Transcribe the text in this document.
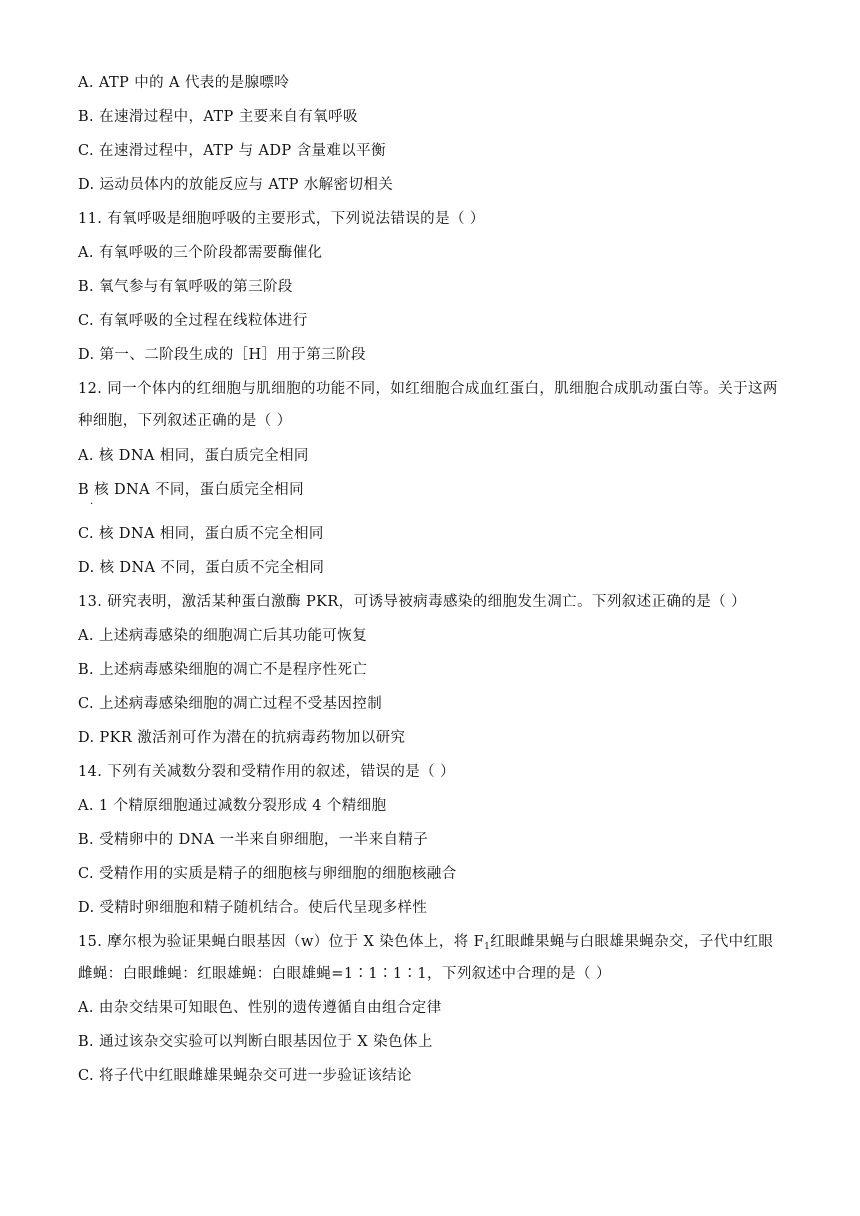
A. ATP 中的 A 代表的是腺嘌呤
B. 在速滑过程中，ATP 主要来自有氧呼吸
C. 在速滑过程中，ATP 与 ADP 含量难以平衡
D. 运动员体内的放能反应与 ATP 水解密切相关
11. 有氧呼吸是细胞呼吸的主要形式，下列说法错误的是（ ）
A. 有氧呼吸的三个阶段都需要酶催化
B. 氧气参与有氧呼吸的第三阶段
C. 有氧呼吸的全过程在线粒体进行
D. 第一、二阶段生成的［H］用于第三阶段
12. 同一个体内的红细胞与肌细胞的功能不同，如红细胞合成血红蛋白，肌细胞合成肌动蛋白等。关于这两
种细胞，下列叙述正确的是（ ）
A. 核 DNA 相同，蛋白质完全相同
B 核 DNA 不同，蛋白质完全相同
·
C. 核 DNA 相同，蛋白质不完全相同
D. 核 DNA 不同，蛋白质不完全相同
13. 研究表明，激活某种蛋白激酶 PKR，可诱导被病毒感染的细胞发生凋亡。下列叙述正确的是（ ）
A. 上述病毒感染的细胞凋亡后其功能可恢复
B. 上述病毒感染细胞的凋亡不是程序性死亡
C. 上述病毒感染细胞的凋亡过程不受基因控制
D. PKR 激活剂可作为潜在的抗病毒药物加以研究
14. 下列有关减数分裂和受精作用的叙述，错误的是（ ）
A. 1 个精原细胞通过减数分裂形成 4 个精细胞
B. 受精卵中的 DNA 一半来自卵细胞，一半来自精子
C. 受精作用的实质是精子的细胞核与卵细胞的细胞核融合
D. 受精时卵细胞和精子随机结合。使后代呈现多样性
15. 摩尔根为验证果蝇白眼基因（w）位于 X 染色体上，将 $F_1$红眼雌果蝇与白眼雄果蝇杂交，子代中红眼
雌蝇：白眼雌蝇：红眼雄蝇：白眼雄蝇=1∶1∶1∶1，下列叙述中合理的是（ ）
A. 由杂交结果可知眼色、性别的遗传遵循自由组合定律
B. 通过该杂交实验可以判断白眼基因位于 X 染色体上
C. 将子代中红眼雌雄果蝇杂交可进一步验证该结论
